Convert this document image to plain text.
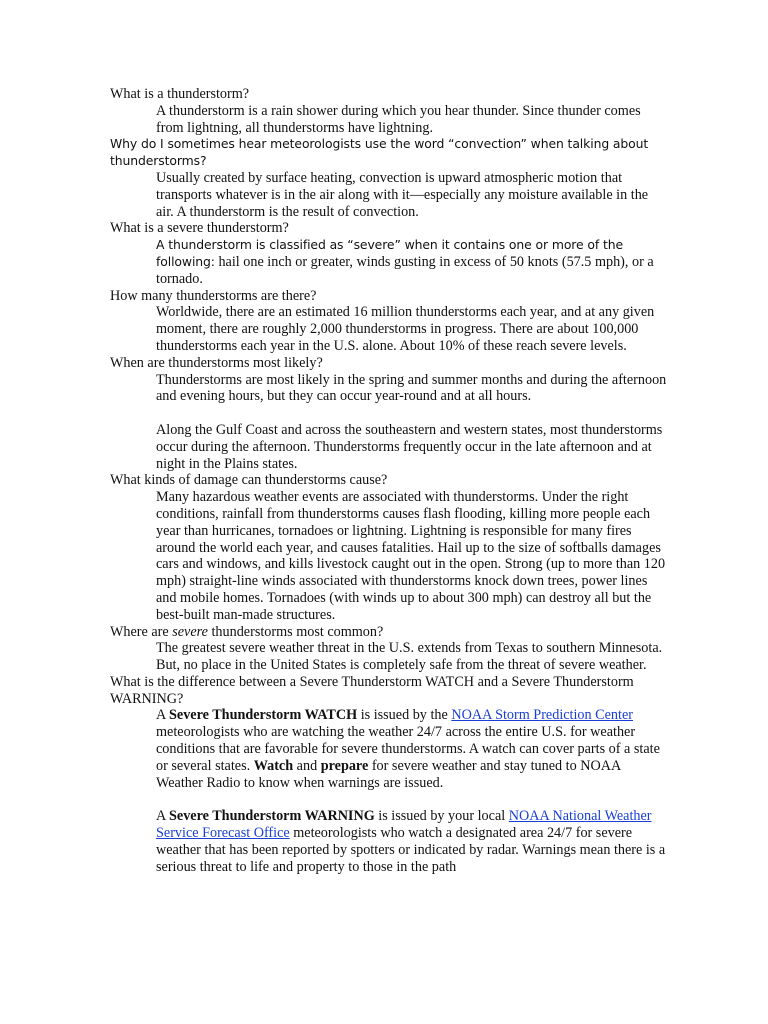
What is a thunderstorm?

A thunderstorm is a rain shower during which you hear thunder. Since thunder comes from lightning, all thunderstorms have lightning.

Why do I sometimes hear meteorologists use the word “convection” when talking about thunderstorms?

Usually created by surface heating, convection is upward atmospheric motion that transports whatever is in the air along with it—especially any moisture available in the air. A thunderstorm is the result of convection.

What is a severe thunderstorm?

A thunderstorm is classified as “severe” when it contains one or more of the following: hail one inch or greater, winds gusting in excess of 50 knots (57.5 mph), or a tornado.

How many thunderstorms are there?

Worldwide, there are an estimated 16 million thunderstorms each year, and at any given moment, there are roughly 2,000 thunderstorms in progress. There are about 100,000 thunderstorms each year in the U.S. alone. About 10% of these reach severe levels.

When are thunderstorms most likely?

Thunderstorms are most likely in the spring and summer months and during the afternoon and evening hours, but they can occur year-round and at all hours.

Along the Gulf Coast and across the southeastern and western states, most thunderstorms occur during the afternoon. Thunderstorms frequently occur in the late afternoon and at night in the Plains states.

What kinds of damage can thunderstorms cause?

Many hazardous weather events are associated with thunderstorms. Under the right conditions, rainfall from thunderstorms causes flash flooding, killing more people each year than hurricanes, tornadoes or lightning. Lightning is responsible for many fires around the world each year, and causes fatalities. Hail up to the size of softballs damages cars and windows, and kills livestock caught out in the open. Strong (up to more than 120 mph) straight-line winds associated with thunderstorms knock down trees, power lines and mobile homes. Tornadoes (with winds up to about 300 mph) can destroy all but the best-built man-made structures.

Where are severe thunderstorms most common?

The greatest severe weather threat in the U.S. extends from Texas to southern Minnesota. But, no place in the United States is completely safe from the threat of severe weather.

What is the difference between a Severe Thunderstorm WATCH and a Severe Thunderstorm WARNING?

A Severe Thunderstorm WATCH is issued by the NOAA Storm Prediction Center meteorologists who are watching the weather 24/7 across the entire U.S. for weather conditions that are favorable for severe thunderstorms. A watch can cover parts of a state or several states. Watch and prepare for severe weather and stay tuned to NOAA Weather Radio to know when warnings are issued.

A Severe Thunderstorm WARNING is issued by your local NOAA National Weather Service Forecast Office meteorologists who watch a designated area 24/7 for severe weather that has been reported by spotters or indicated by radar. Warnings mean there is a serious threat to life and property to those in the path
